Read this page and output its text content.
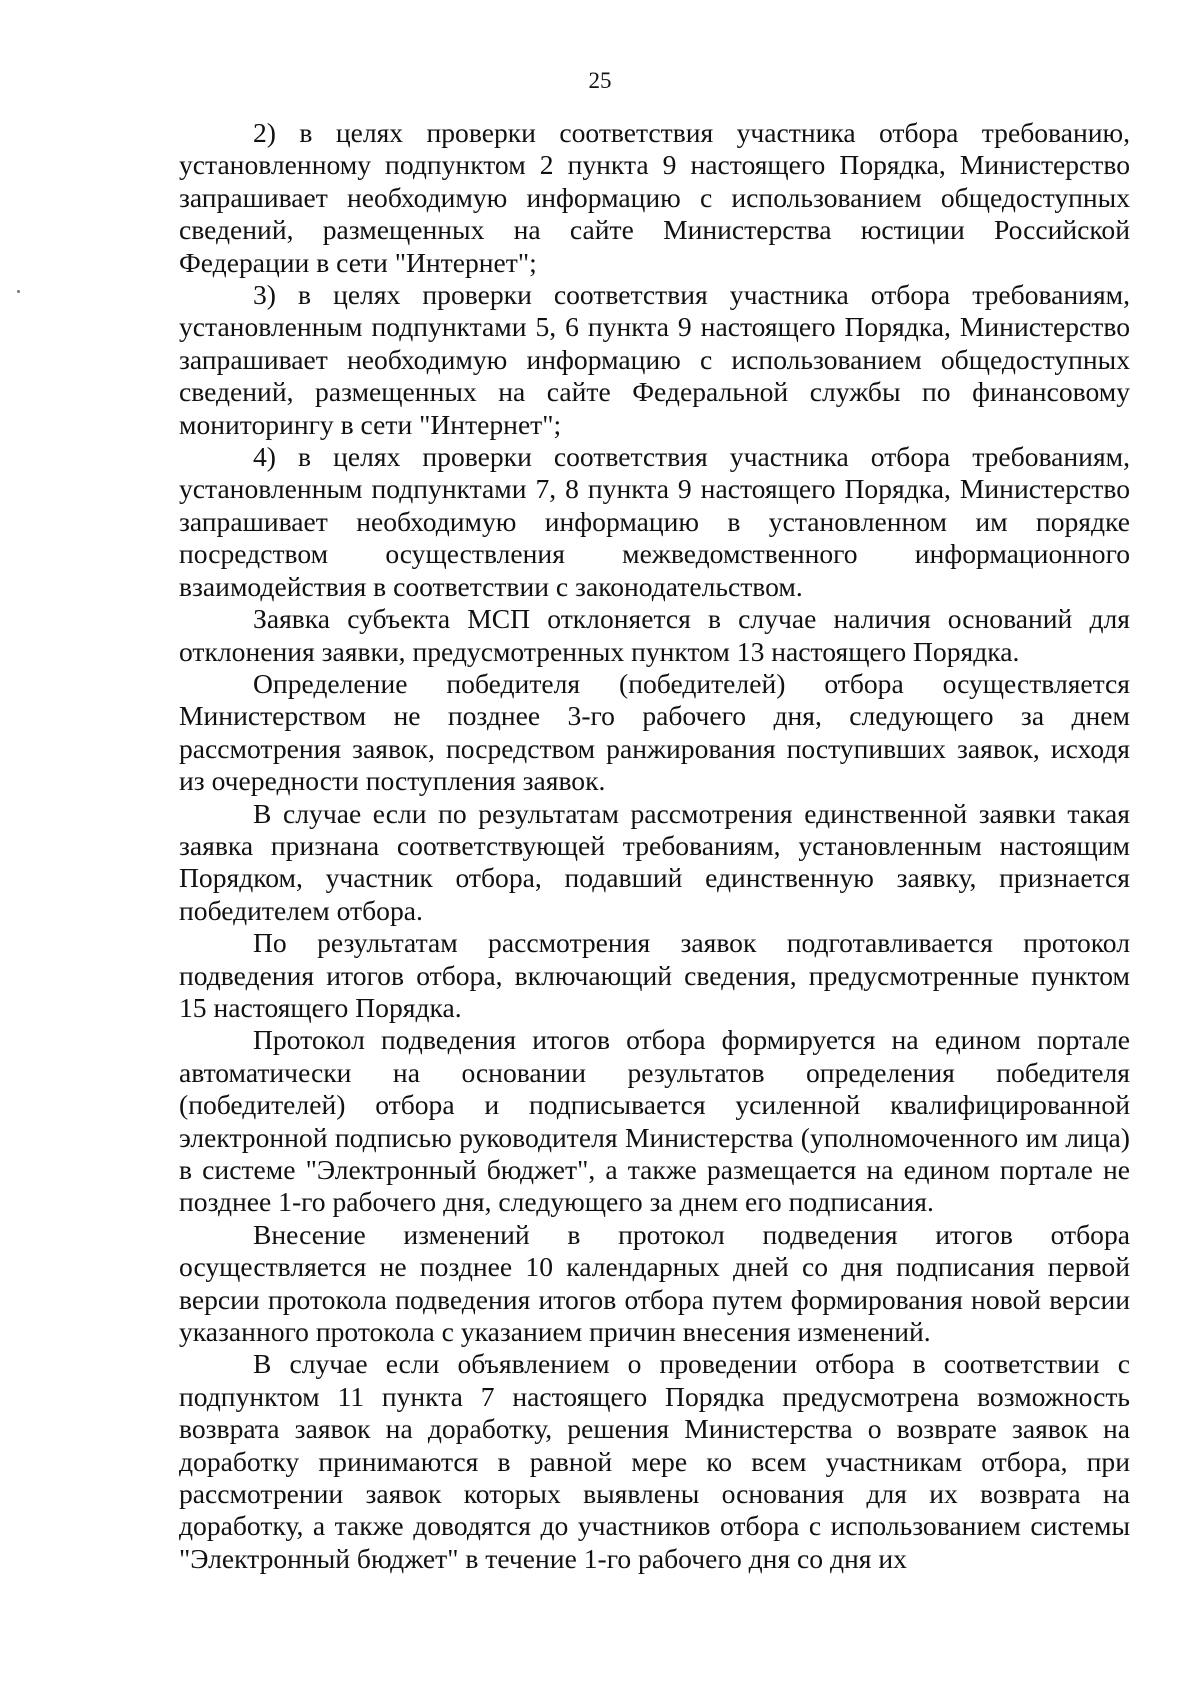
25

2) в целях проверки соответствия участника отбора требованию, установленному подпунктом 2 пункта 9 настоящего Порядка, Министерство запрашивает необходимую информацию с использованием общедоступных сведений, размещенных на сайте Министерства юстиции Российской Федерации в сети "Интернет";

3) в целях проверки соответствия участника отбора требованиям, установленным подпунктами 5, 6 пункта 9 настоящего Порядка, Министерство запрашивает необходимую информацию с использованием общедоступных сведений, размещенных на сайте Федеральной службы по финансовому мониторингу в сети "Интернет";

4) в целях проверки соответствия участника отбора требованиям, установленным подпунктами 7, 8 пункта 9 настоящего Порядка, Министерство запрашивает необходимую информацию в установленном им порядке посредством осуществления межведомственного информационного взаимодействия в соответствии с законодательством.

Заявка субъекта МСП отклоняется в случае наличия оснований для отклонения заявки, предусмотренных пунктом 13 настоящего Порядка.

Определение победителя (победителей) отбора осуществляется Министерством не позднее 3-го рабочего дня, следующего за днем рассмотрения заявок, посредством ранжирования поступивших заявок, исходя из очередности поступления заявок.

В случае если по результатам рассмотрения единственной заявки такая заявка признана соответствующей требованиям, установленным настоящим Порядком, участник отбора, подавший единственную заявку, признается победителем отбора.

По результатам рассмотрения заявок подготавливается протокол подведения итогов отбора, включающий сведения, предусмотренные пунктом 15 настоящего Порядка.

Протокол подведения итогов отбора формируется на едином портале автоматически на основании результатов определения победителя (победителей) отбора и подписывается усиленной квалифицированной электронной подписью руководителя Министерства (уполномоченного им лица) в системе "Электронный бюджет", а также размещается на едином портале не позднее 1-го рабочего дня, следующего за днем его подписания.

Внесение изменений в протокол подведения итогов отбора осуществляется не позднее 10 календарных дней со дня подписания первой версии протокола подведения итогов отбора путем формирования новой версии указанного протокола с указанием причин внесения изменений.

В случае если объявлением о проведении отбора в соответствии с подпунктом 11 пункта 7 настоящего Порядка предусмотрена возможность возврата заявок на доработку, решения Министерства о возврате заявок на доработку принимаются в равной мере ко всем участникам отбора, при рассмотрении заявок которых выявлены основания для их возврата на доработку, а также доводятся до участников отбора с использованием системы "Электронный бюджет" в течение 1-го рабочего дня со дня их
